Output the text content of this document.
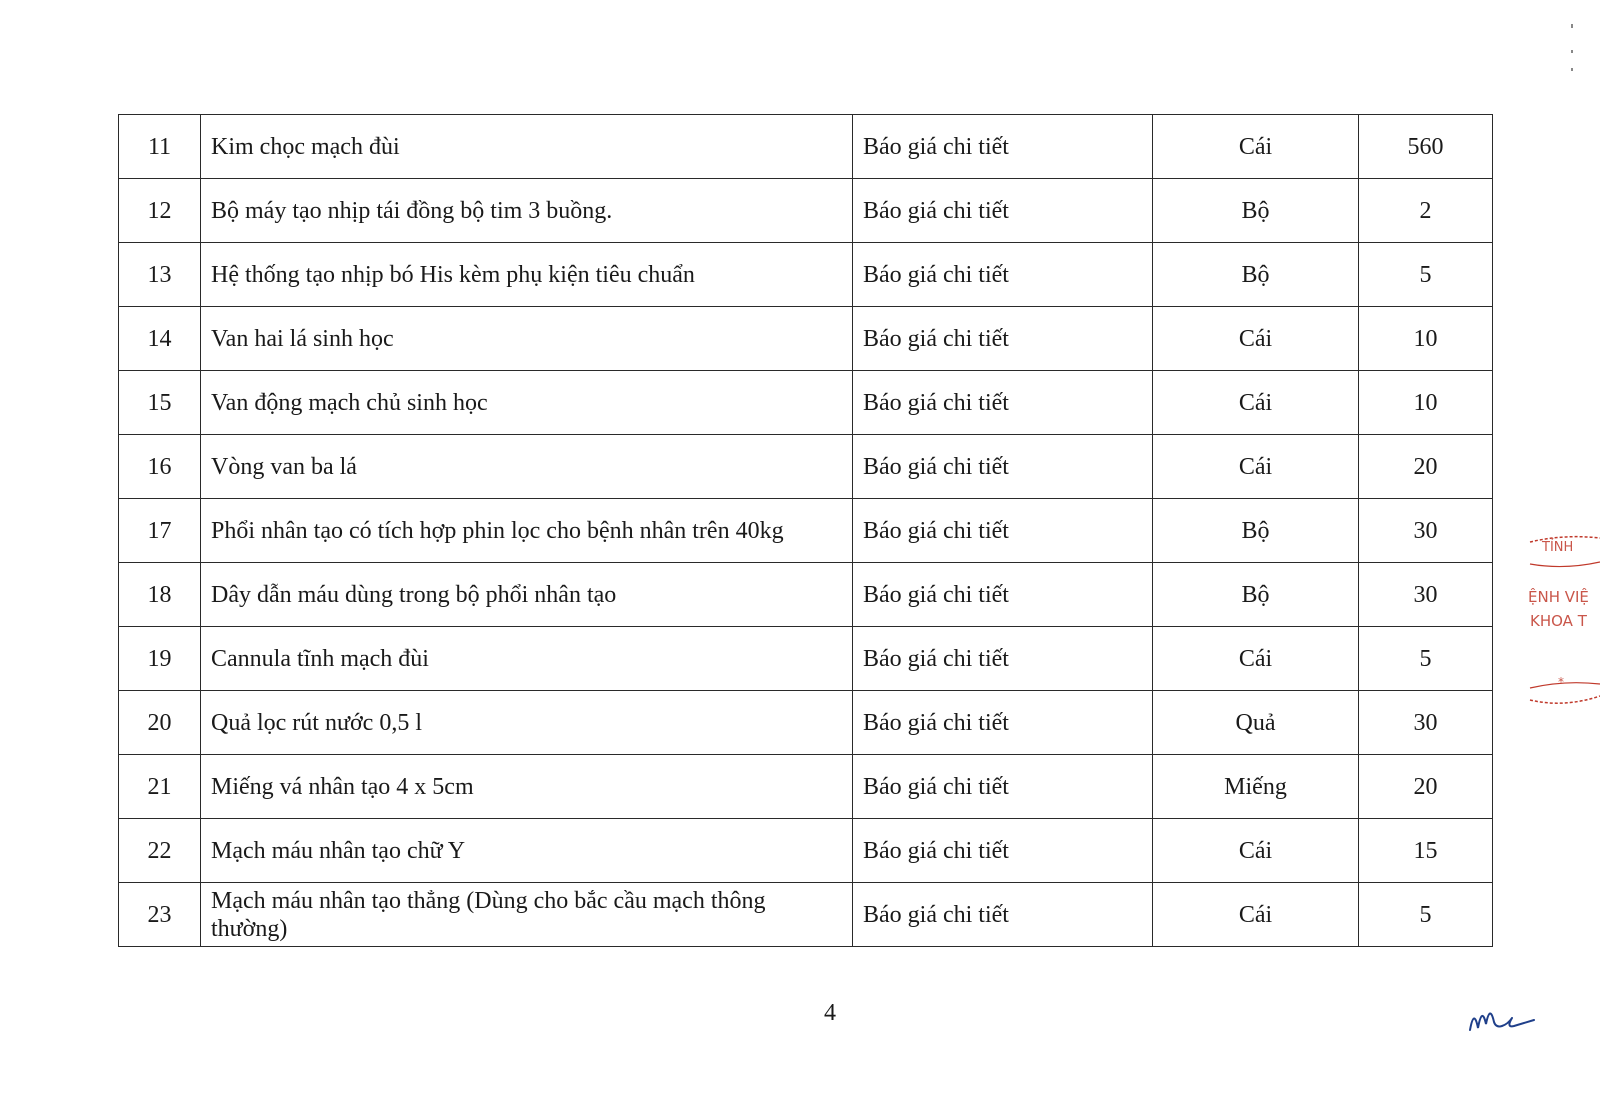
11	Kim chọc mạch đùi	Báo giá chi tiết	Cái	560
12	Bộ máy tạo nhịp tái đồng bộ tim 3 buồng.	Báo giá chi tiết	Bộ	2
13	Hệ thống tạo nhịp bó His kèm phụ kiện tiêu chuẩn	Báo giá chi tiết	Bộ	5
14	Van hai lá sinh học	Báo giá chi tiết	Cái	10
15	Van động mạch chủ sinh học	Báo giá chi tiết	Cái	10
16	Vòng van ba lá	Báo giá chi tiết	Cái	20
17	Phổi nhân tạo có tích hợp phin lọc cho bệnh nhân trên 40kg	Báo giá chi tiết	Bộ	30
18	Dây dẫn máu dùng trong bộ phổi nhân tạo	Báo giá chi tiết	Bộ	30
19	Cannula tĩnh mạch đùi	Báo giá chi tiết	Cái	5
20	Quả lọc rút nước 0,5 l	Báo giá chi tiết	Quả	30
21	Miếng vá nhân tạo 4 x 5cm	Báo giá chi tiết	Miếng	20
22	Mạch máu nhân tạo chữ Y	Báo giá chi tiết	Cái	15
23	Mạch máu nhân tạo thẳng (Dùng cho bắc cầu mạch thông thường)	Báo giá chi tiết	Cái	5
4
TỈNH
ỆNH VIỆ
KHOA T
*
